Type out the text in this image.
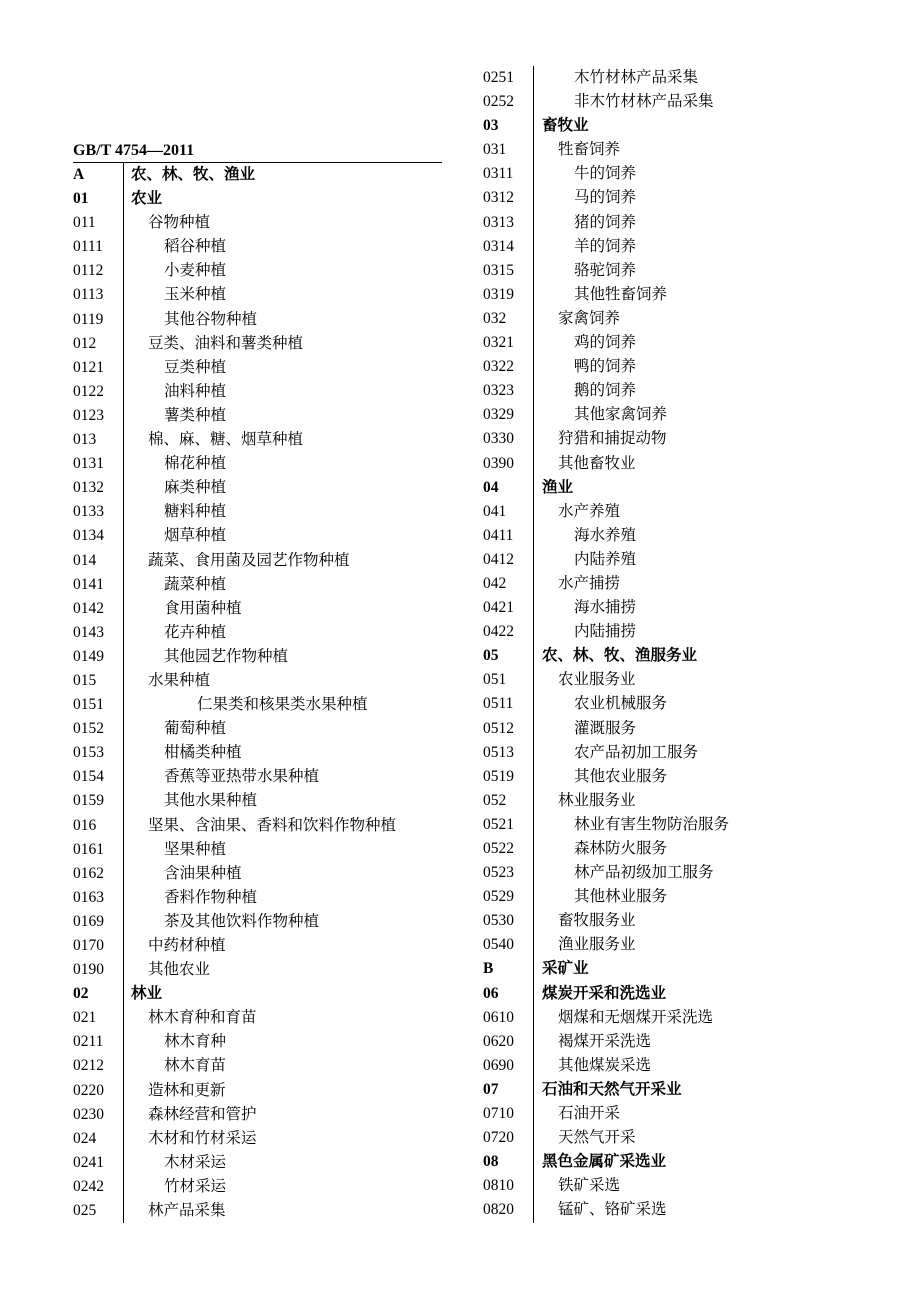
GB/T 4754—2011
A	农、林、牧、渔业
01	农业
011	谷物种植
0111	稻谷种植
0112	小麦种植
0113	玉米种植
0119	其他谷物种植
012	豆类、油料和薯类种植
0121	豆类种植
0122	油料种植
0123	薯类种植
013	棉、麻、糖、烟草种植
0131	棉花种植
0132	麻类种植
0133	糖料种植
0134	烟草种植
014	蔬菜、食用菌及园艺作物种植
0141	蔬菜种植
0142	食用菌种植
0143	花卉种植
0149	其他园艺作物种植
015	水果种植
0151	仁果类和核果类水果种植
0152	葡萄种植
0153	柑橘类种植
0154	香蕉等亚热带水果种植
0159	其他水果种植
016	坚果、含油果、香料和饮料作物种植
0161	坚果种植
0162	含油果种植
0163	香料作物种植
0169	茶及其他饮料作物种植
0170	中药材种植
0190	其他农业
02	林业
021	林木育种和育苗
0211	林木育种
0212	林木育苗
0220	造林和更新
0230	森林经营和管护
024	木材和竹材采运
0241	木材采运
0242	竹材采运
025	林产品采集
0251	木竹材林产品采集
0252	非木竹材林产品采集
03	畜牧业
031	牲畜饲养
0311	牛的饲养
0312	马的饲养
0313	猪的饲养
0314	羊的饲养
0315	骆驼饲养
0319	其他牲畜饲养
032	家禽饲养
0321	鸡的饲养
0322	鸭的饲养
0323	鹅的饲养
0329	其他家禽饲养
0330	狩猎和捕捉动物
0390	其他畜牧业
04	渔业
041	水产养殖
0411	海水养殖
0412	内陆养殖
042	水产捕捞
0421	海水捕捞
0422	内陆捕捞
05	农、林、牧、渔服务业
051	农业服务业
0511	农业机械服务
0512	灌溉服务
0513	农产品初加工服务
0519	其他农业服务
052	林业服务业
0521	林业有害生物防治服务
0522	森林防火服务
0523	林产品初级加工服务
0529	其他林业服务
0530	畜牧服务业
0540	渔业服务业
B	采矿业
06	煤炭开采和洗选业
0610	烟煤和无烟煤开采洗选
0620	褐煤开采洗选
0690	其他煤炭采选
07	石油和天然气开采业
0710	石油开采
0720	天然气开采
08	黑色金属矿采选业
0810	铁矿采选
0820	锰矿、铬矿采选
